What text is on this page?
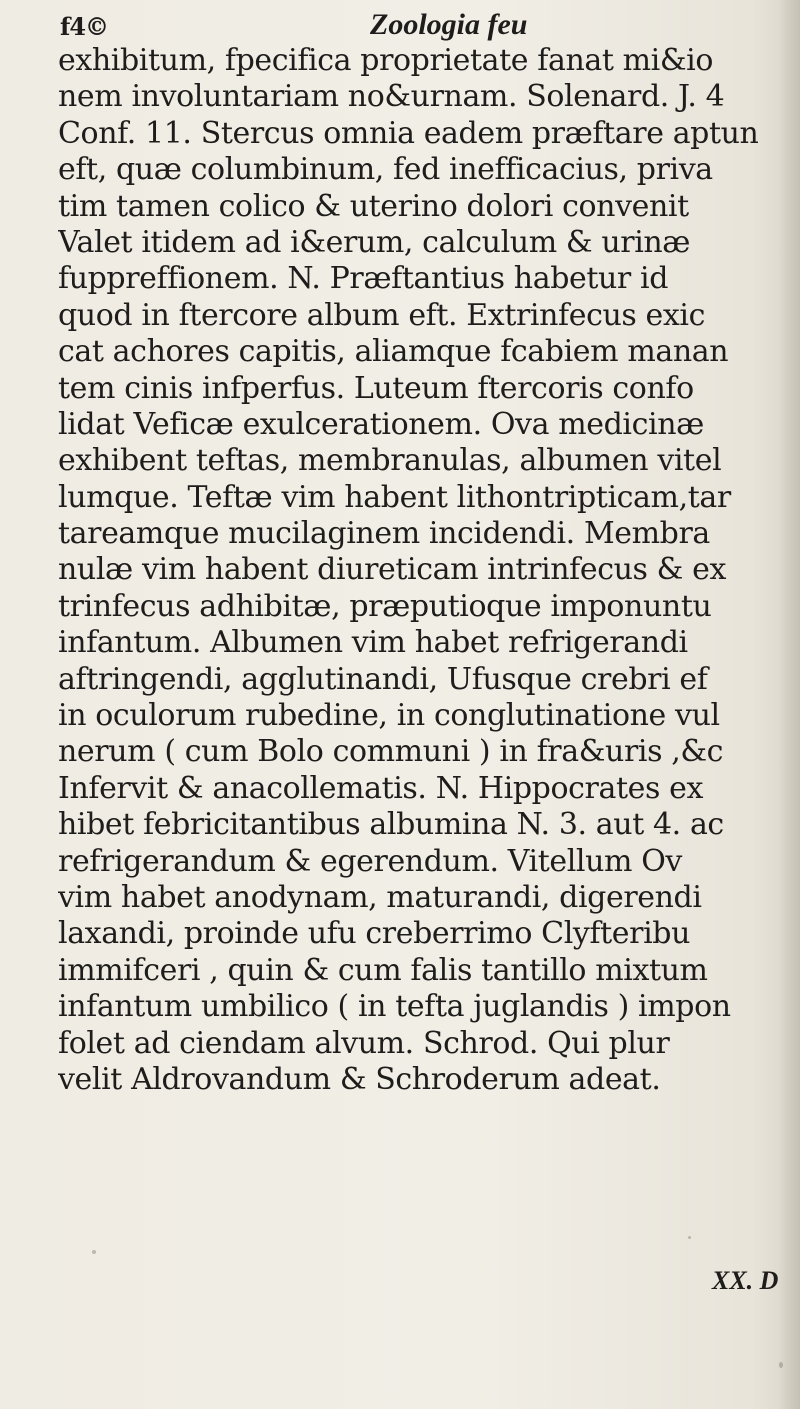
f4©	Zoologia feu

exhibitum, fpecifica proprietate fanat mi&io
nem involuntariam no&urnam. Solenard. J. 4
Conf. 11. Stercus omnia eadem præftare aptun
eft, quæ columbinum, fed inefficacius, priva
tim tamen colico & uterino dolori convenit
Valet itidem ad i&erum, calculum & urinæ
fuppreffionem. N. Præftantius habetur id
quod in ftercore album eft. Extrinfecus exic
cat achores capitis, aliamque fcabiem manan
tem cinis infperfus. Luteum ftercoris confo
lidat Veficæ exulcerationem. Ova medicinæ
exhibent teftas, membranulas, albumen vitel
lumque. Teftæ vim habent lithontripticam,tar
tareamque mucilaginem incidendi. Membra
nulæ vim habent diureticam intrinfecus & ex
trinfecus adhibitæ, præputioque imponuntu
infantum. Albumen vim habet refrigerandi
aftringendi, agglutinandi, Ufusque crebri ef
in oculorum rubedine, in conglutinatione vul
nerum ( cum Bolo communi ) in fra&uris ,&c
Infervit & anacollematis. N. Hippocrates ex
hibet febricitantibus albumina N. 3. aut 4. ac
refrigerandum & egerendum. Vitellum Ov
vim habet anodynam, maturandi, digerendi
laxandi, proinde ufu creberrimo Clyfteribu
immifceri , quin & cum falis tantillo mixtum
infantum umbilico ( in tefta juglandis ) impon
folet ad ciendam alvum. Schrod. Qui plur
velit Aldrovandum & Schroderum adeat.

XX. D
